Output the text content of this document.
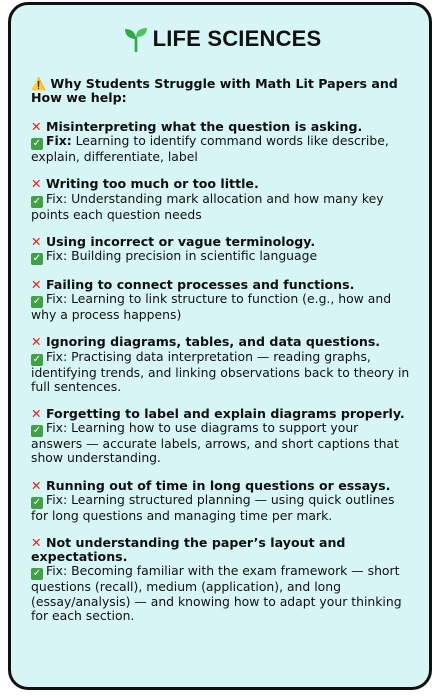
LIFE SCIENCES
⚠️ Why Students Struggle with Math Lit Papers and How we help:
✕ Misinterpreting what the question is asking.
✓ Fix: Learning to identify command words like describe, explain, differentiate, label
✕ Writing too much or too little.
✓ Fix: Understanding mark allocation and how many key points each question needs
✕ Using incorrect or vague terminology.
✓ Fix: Building precision in scientific language
✕ Failing to connect processes and functions.
✓ Fix: Learning to link structure to function (e.g., how and why a process happens)
✕ Ignoring diagrams, tables, and data questions.
✓ Fix: Practising data interpretation — reading graphs, identifying trends, and linking observations back to theory in full sentences.
✕ Forgetting to label and explain diagrams properly.
✓ Fix: Learning how to use diagrams to support your answers — accurate labels, arrows, and short captions that show understanding.
✕ Running out of time in long questions or essays.
✓ Fix: Learning structured planning — using quick outlines for long questions and managing time per mark.
✕ Not understanding the paper’s layout and expectations.
✓ Fix: Becoming familiar with the exam framework — short questions (recall), medium (application), and long (essay/analysis) — and knowing how to adapt your thinking for each section.
